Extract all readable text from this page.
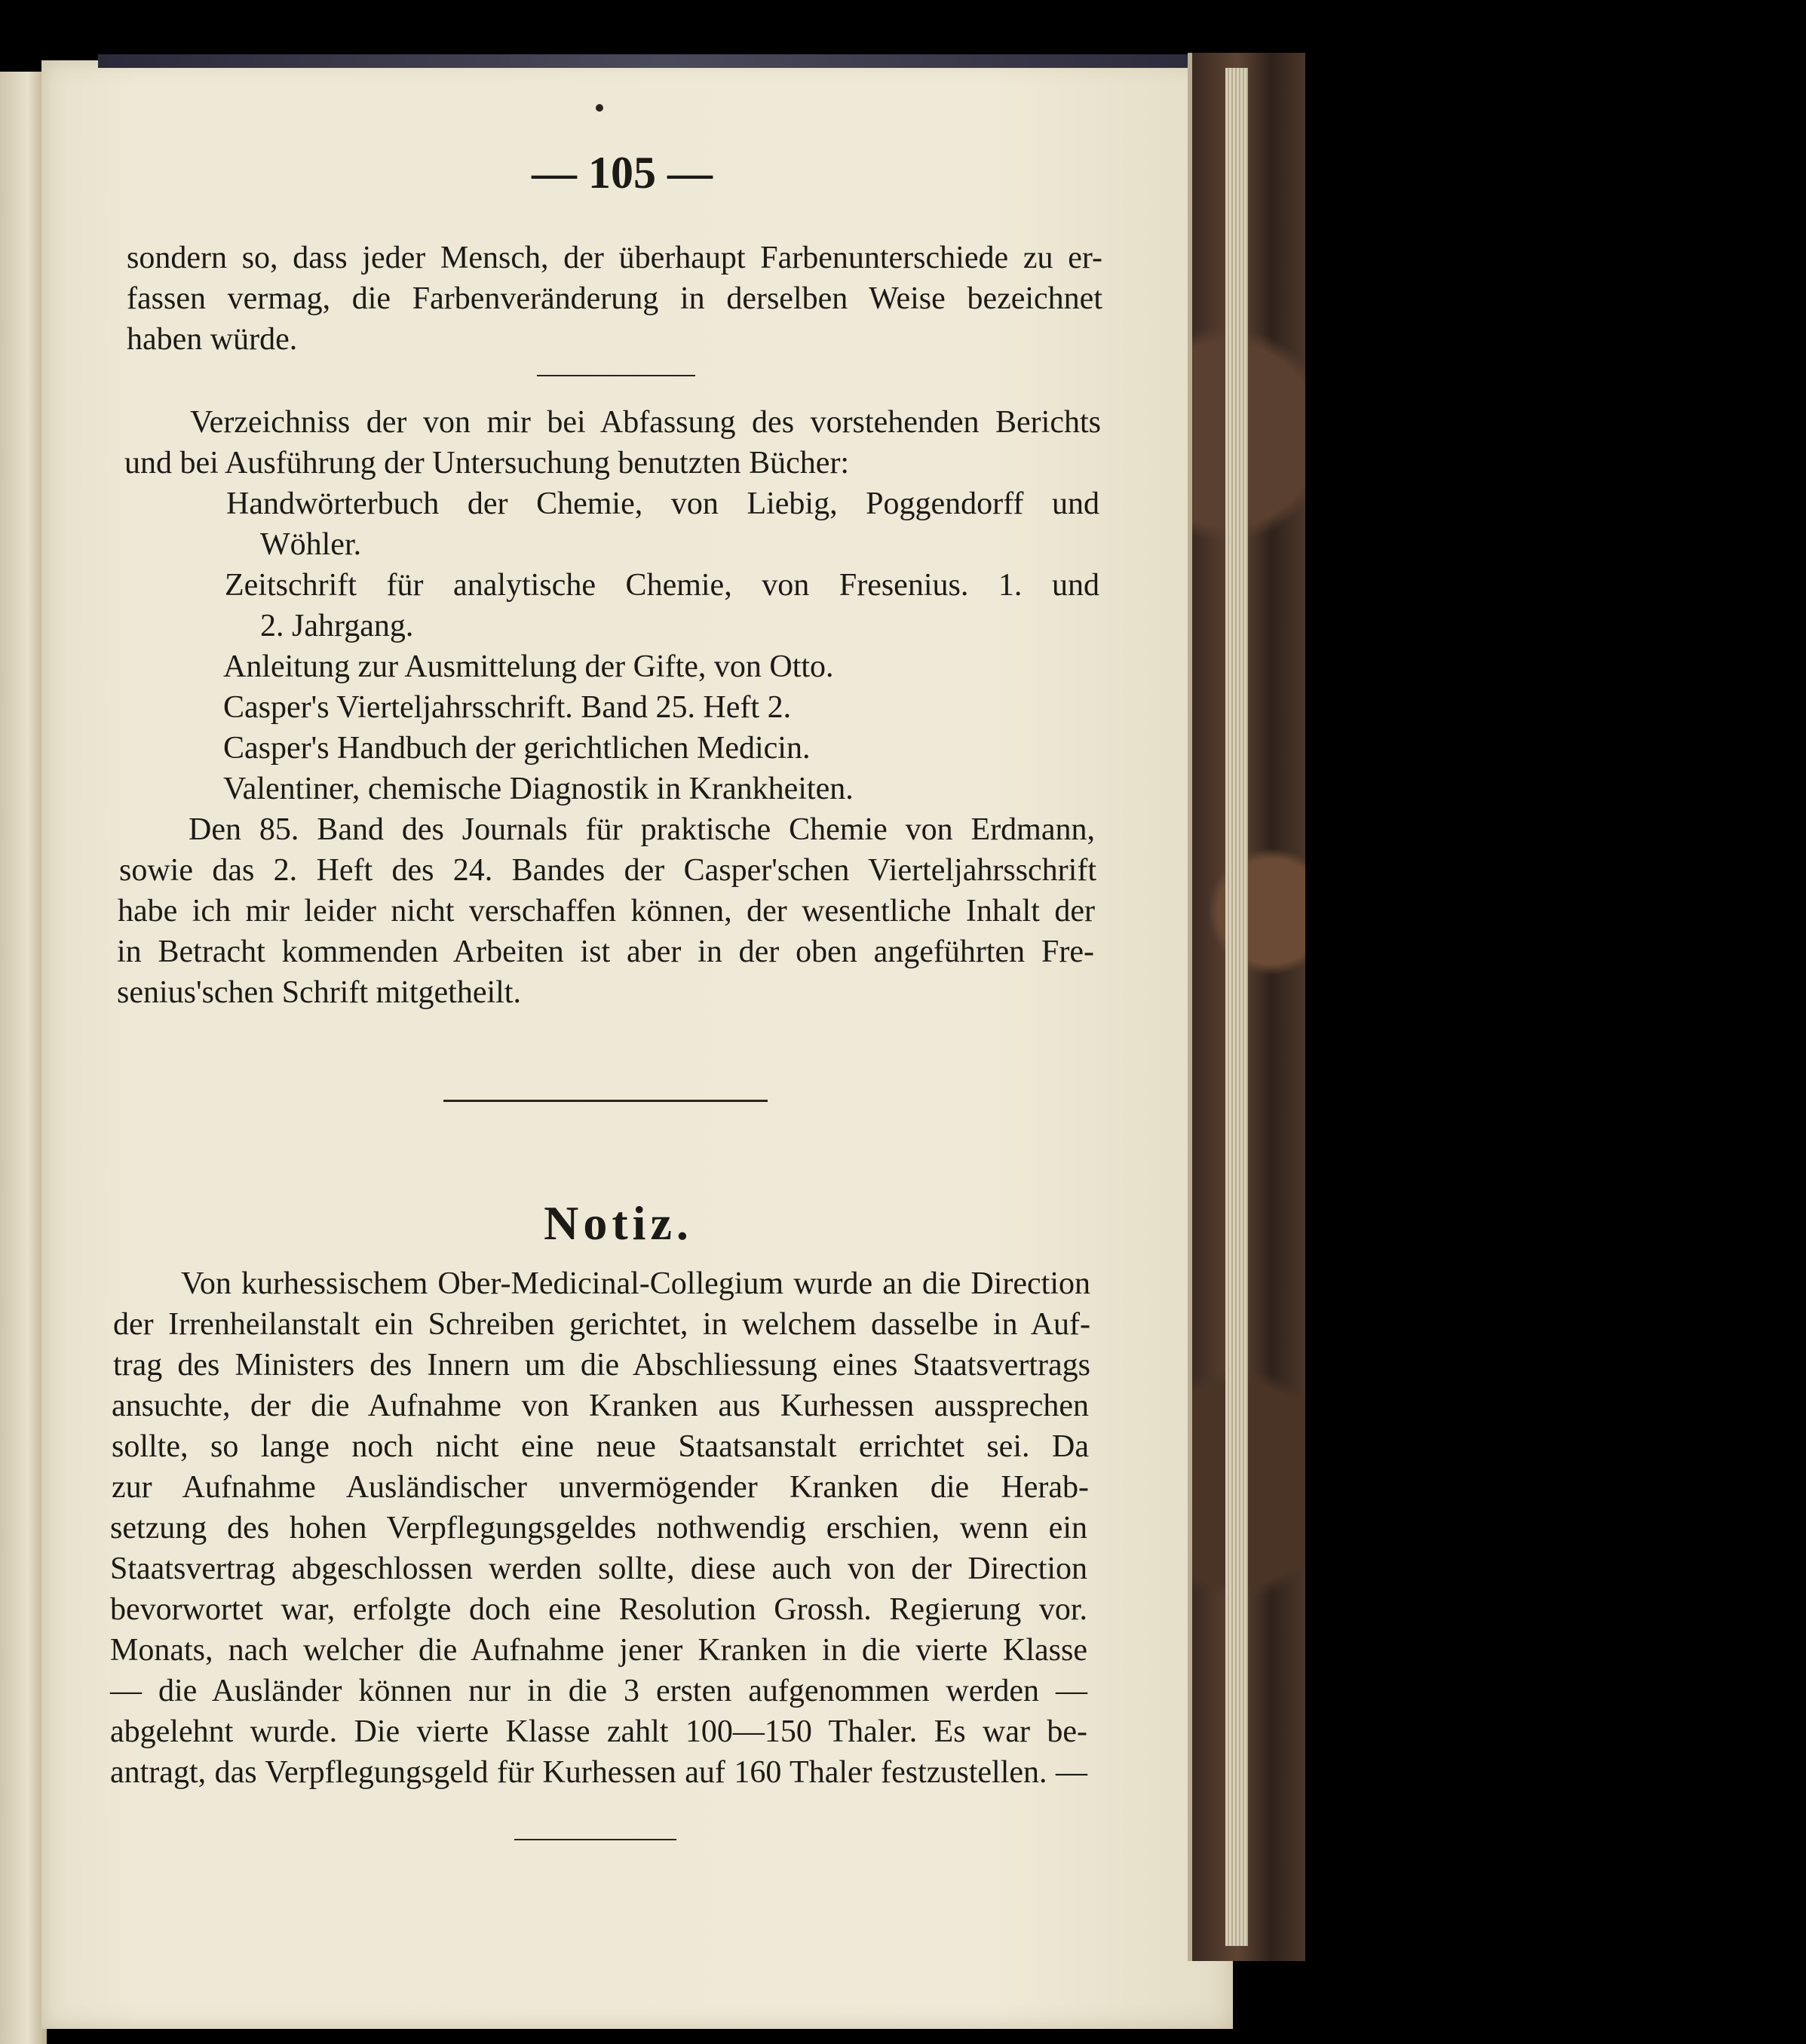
— 105 —
sondern so, dass jeder Mensch, der überhaupt Farbenunterschiede zu er-
fassen vermag, die Farbenveränderung in derselben Weise bezeichnet
haben würde.
Verzeichniss der von mir bei Abfassung des vorstehenden Berichts
und bei Ausführung der Untersuchung benutzten Bücher:
Handwörterbuch der Chemie, von Liebig, Poggendorff und
Wöhler.
Zeitschrift für analytische Chemie, von Fresenius. 1. und
2. Jahrgang.
Anleitung zur Ausmittelung der Gifte, von Otto.
Casper's Vierteljahrsschrift. Band 25. Heft 2.
Casper's Handbuch der gerichtlichen Medicin.
Valentiner, chemische Diagnostik in Krankheiten.
Den 85. Band des Journals für praktische Chemie von Erdmann,
sowie das 2. Heft des 24. Bandes der Casper'schen Vierteljahrsschrift
habe ich mir leider nicht verschaffen können, der wesentliche Inhalt der
in Betracht kommenden Arbeiten ist aber in der oben angeführten Fre-
senius'schen Schrift mitgetheilt.
Notiz.
Von kurhessischem Ober-Medicinal-Collegium wurde an die Direction
der Irrenheilanstalt ein Schreiben gerichtet, in welchem dasselbe in Auf-
trag des Ministers des Innern um die Abschliessung eines Staatsvertrags
ansuchte, der die Aufnahme von Kranken aus Kurhessen aussprechen
sollte, so lange noch nicht eine neue Staatsanstalt errichtet sei. Da
zur Aufnahme Ausländischer unvermögender Kranken die Herab-
setzung des hohen Verpflegungsgeldes nothwendig erschien, wenn ein
Staatsvertrag abgeschlossen werden sollte, diese auch von der Direction
bevorwortet war, erfolgte doch eine Resolution Grossh. Regierung vor.
Monats, nach welcher die Aufnahme jener Kranken in die vierte Klasse
— die Ausländer können nur in die 3 ersten aufgenommen werden —
abgelehnt wurde. Die vierte Klasse zahlt 100—150 Thaler. Es war be-
antragt, das Verpflegungsgeld für Kurhessen auf 160 Thaler festzustellen. —
